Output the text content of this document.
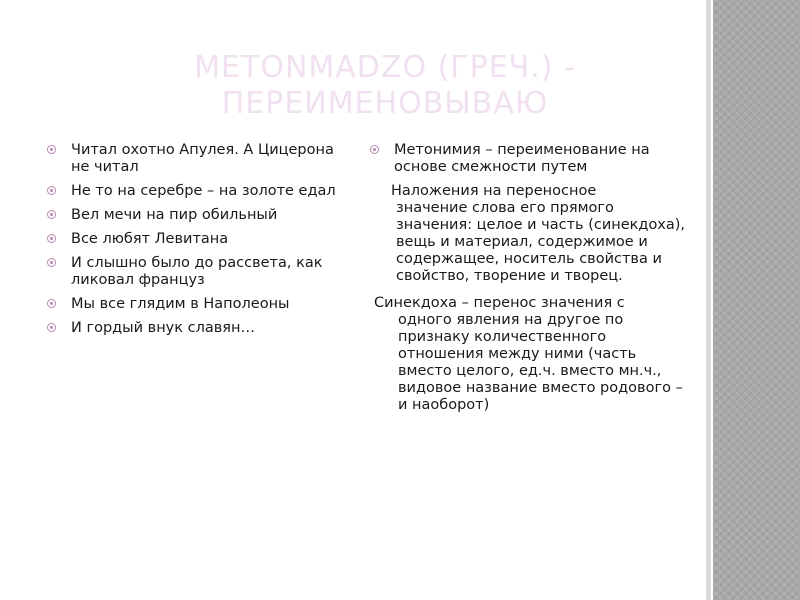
METONMADZO (ГРЕЧ.) - ПЕРЕИМЕНОВЫВАЮ
Читал охотно Апулея. А Цицерона не читал
Не то на серебре – на золоте едал
Вел мечи на пир обильный
Все любят Левитана
И слышно было до рассвета, как ликовал француз
Мы все глядим в Наполеоны
И гордый внук славян…
Метонимия – переименование на основе смежности путем
Наложения на переносное
значение слова его прямого значения: целое и часть (синекдоха), вещь и материал, содержимое и содержащее, носитель свойства и свойство, творение и творец.
Синекдоха – перенос значения с
одного явления на другое по признаку количественного отношения между ними (часть вместо целого, ед.ч. вместо мн.ч., видовое название вместо родового – и наоборот)
